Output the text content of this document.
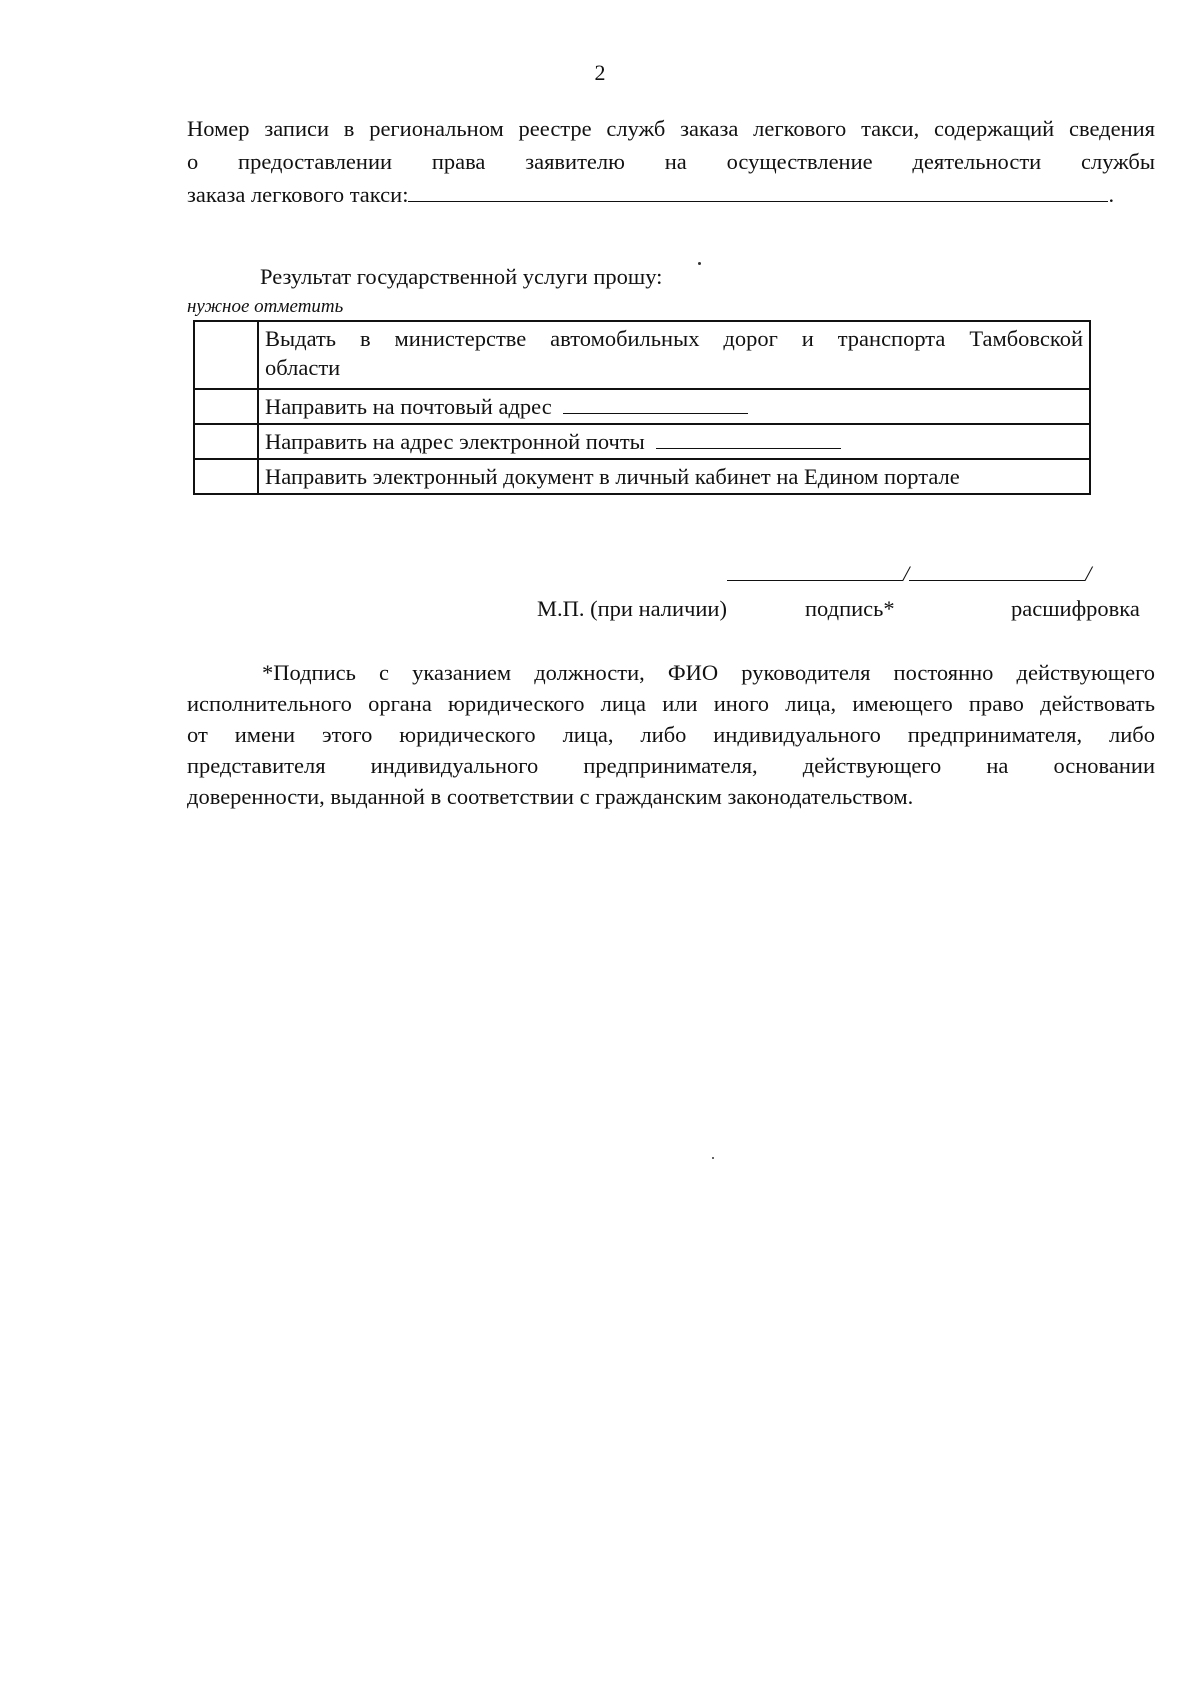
2
Номер записи в региональном реестре служб заказа легкового такси, содержащий сведения
о предоставлении права заявителю на осуществление деятельности службы
заказа легкового такси:	.
Результат государственной услуги прошу:
нужное отметить

	Выдать в министерстве автомобильных дорог и транспорта Тамбовской
области
	Направить на почтовый адрес
	Направить на адрес электронной почты
	Направить электронный документ в личный кабинет на Едином портале
/	/
М.П. (при наличии)	подпись*	расшифровка
*Подпись с указанием должности, ФИО руководителя постоянно действующего
исполнительного органа юридического лица или иного лица, имеющего право действовать
от имени этого юридического лица, либо индивидуального предпринимателя, либо
представителя индивидуального предпринимателя, действующего на основании
доверенности, выданной в соответствии с гражданским законодательством.
